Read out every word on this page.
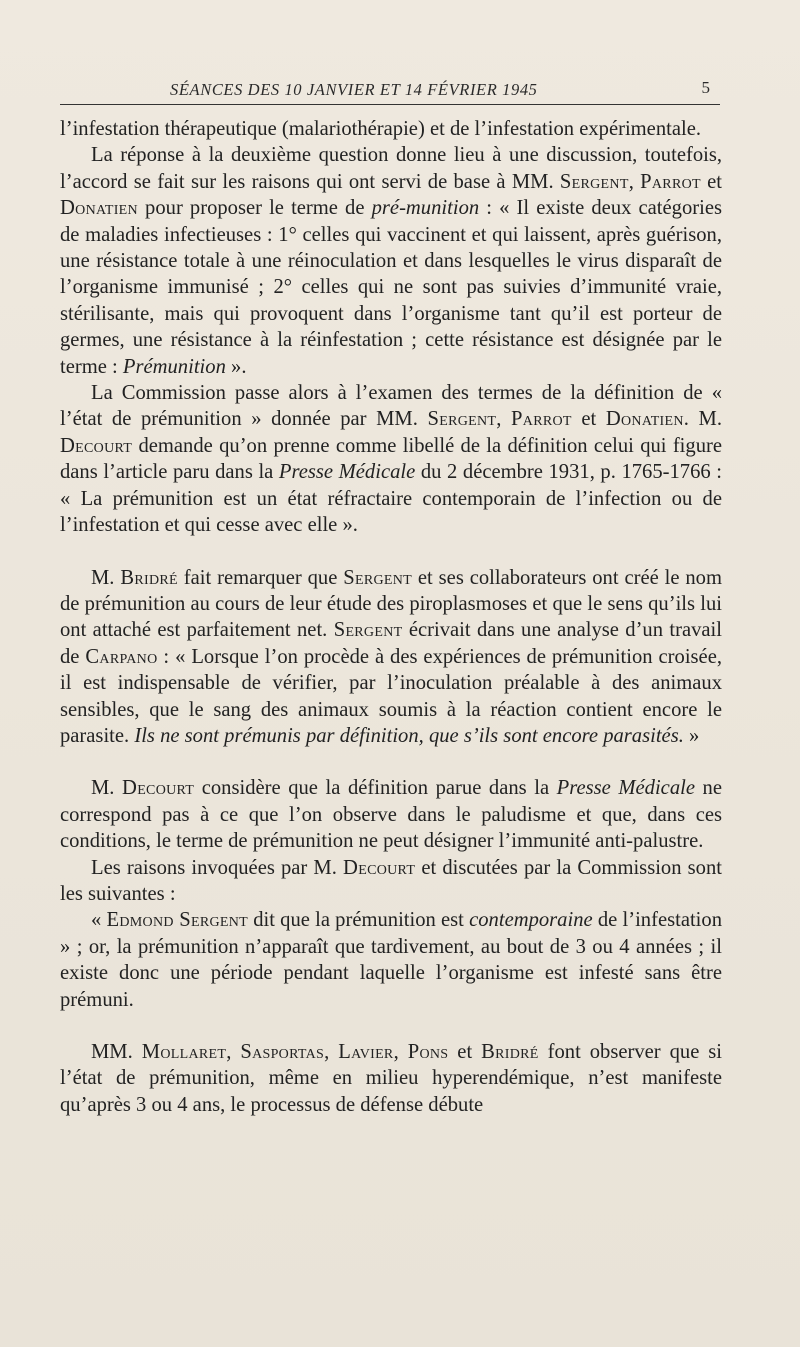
SÉANCES DES 10 JANVIER ET 14 FÉVRIER 1945	5

l’infestation thérapeutique (malariothérapie) et de l’infestation expérimentale.

La réponse à la deuxième question donne lieu à une discussion, toutefois, l’accord se fait sur les raisons qui ont servi de base à MM. Sergent, Parrot et Donatien pour proposer le terme de pré-munition : « Il existe deux catégories de maladies infectieuses : 1° celles qui vaccinent et qui laissent, après guérison, une résistance totale à une réinoculation et dans lesquelles le virus disparaît de l’organisme immunisé ; 2° celles qui ne sont pas suivies d’immunité vraie, stérilisante, mais qui provoquent dans l’organisme tant qu’il est porteur de germes, une résistance à la réinfestation ; cette résistance est désignée par le terme : Prémunition ».

La Commission passe alors à l’examen des termes de la définition de « l’état de prémunition » donnée par MM. Sergent, Parrot et Donatien. M. Decourt demande qu’on prenne comme libellé de la définition celui qui figure dans l’article paru dans la Presse Médicale du 2 décembre 1931, p. 1765-1766 : « La prémunition est un état réfractaire contemporain de l’infection ou de l’infestation et qui cesse avec elle ».

M. Bridré fait remarquer que Sergent et ses collaborateurs ont créé le nom de prémunition au cours de leur étude des piroplasmoses et que le sens qu’ils lui ont attaché est parfaitement net. Sergent écrivait dans une analyse d’un travail de Carpano : « Lorsque l’on procède à des expériences de prémunition croisée, il est indispensable de vérifier, par l’inoculation préalable à des animaux sensibles, que le sang des animaux soumis à la réaction contient encore le parasite. Ils ne sont prémunis par définition, que s’ils sont encore parasités. »

M. Decourt considère que la définition parue dans la Presse Médicale ne correspond pas à ce que l’on observe dans le paludisme et que, dans ces conditions, le terme de prémunition ne peut désigner l’immunité anti-palustre.

Les raisons invoquées par M. Decourt et discutées par la Commission sont les suivantes :

« Edmond Sergent dit que la prémunition est contemporaine de l’infestation » ; or, la prémunition n’apparaît que tardivement, au bout de 3 ou 4 années ; il existe donc une période pendant laquelle l’organisme est infesté sans être prémuni.

MM. Mollaret, Sasportas, Lavier, Pons et Bridré font observer que si l’état de prémunition, même en milieu hyperendémique, n’est manifeste qu’après 3 ou 4 ans, le processus de défense débute
